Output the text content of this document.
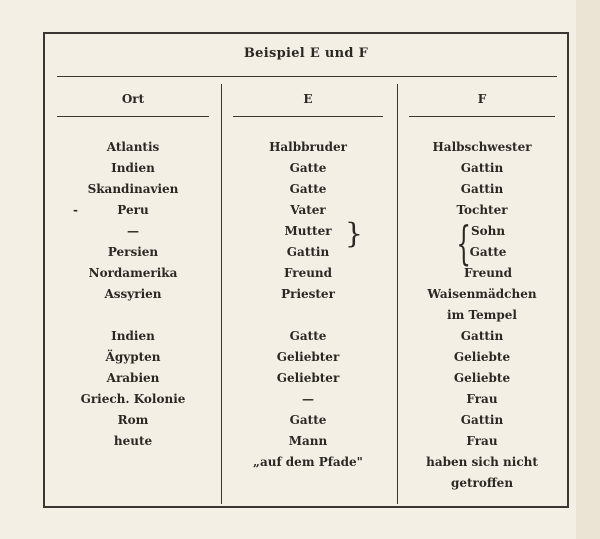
Beispiel E und F
Ort	E	F
Atlantis
Indien
Skandinavien
Peru
—
Persien
Nordamerika
Assyrien
Indien
Ägypten
Arabien
Griech. Kolonie
Rom
heute
-
Halbbruder
Gatte
Gatte
Vater
Mutter
Gattin
}
Freund
Priester
Gatte
Geliebter
Geliebter
—
Gatte
Mann
„auf dem Pfade"
Halbschwester
Gattin
Gattin
Tochter
{ Sohn
Gatte
Freund
Waisenmädchen
im Tempel
Gattin
Geliebte
Geliebte
Frau
Gattin
Frau
haben sich nicht
getroffen
